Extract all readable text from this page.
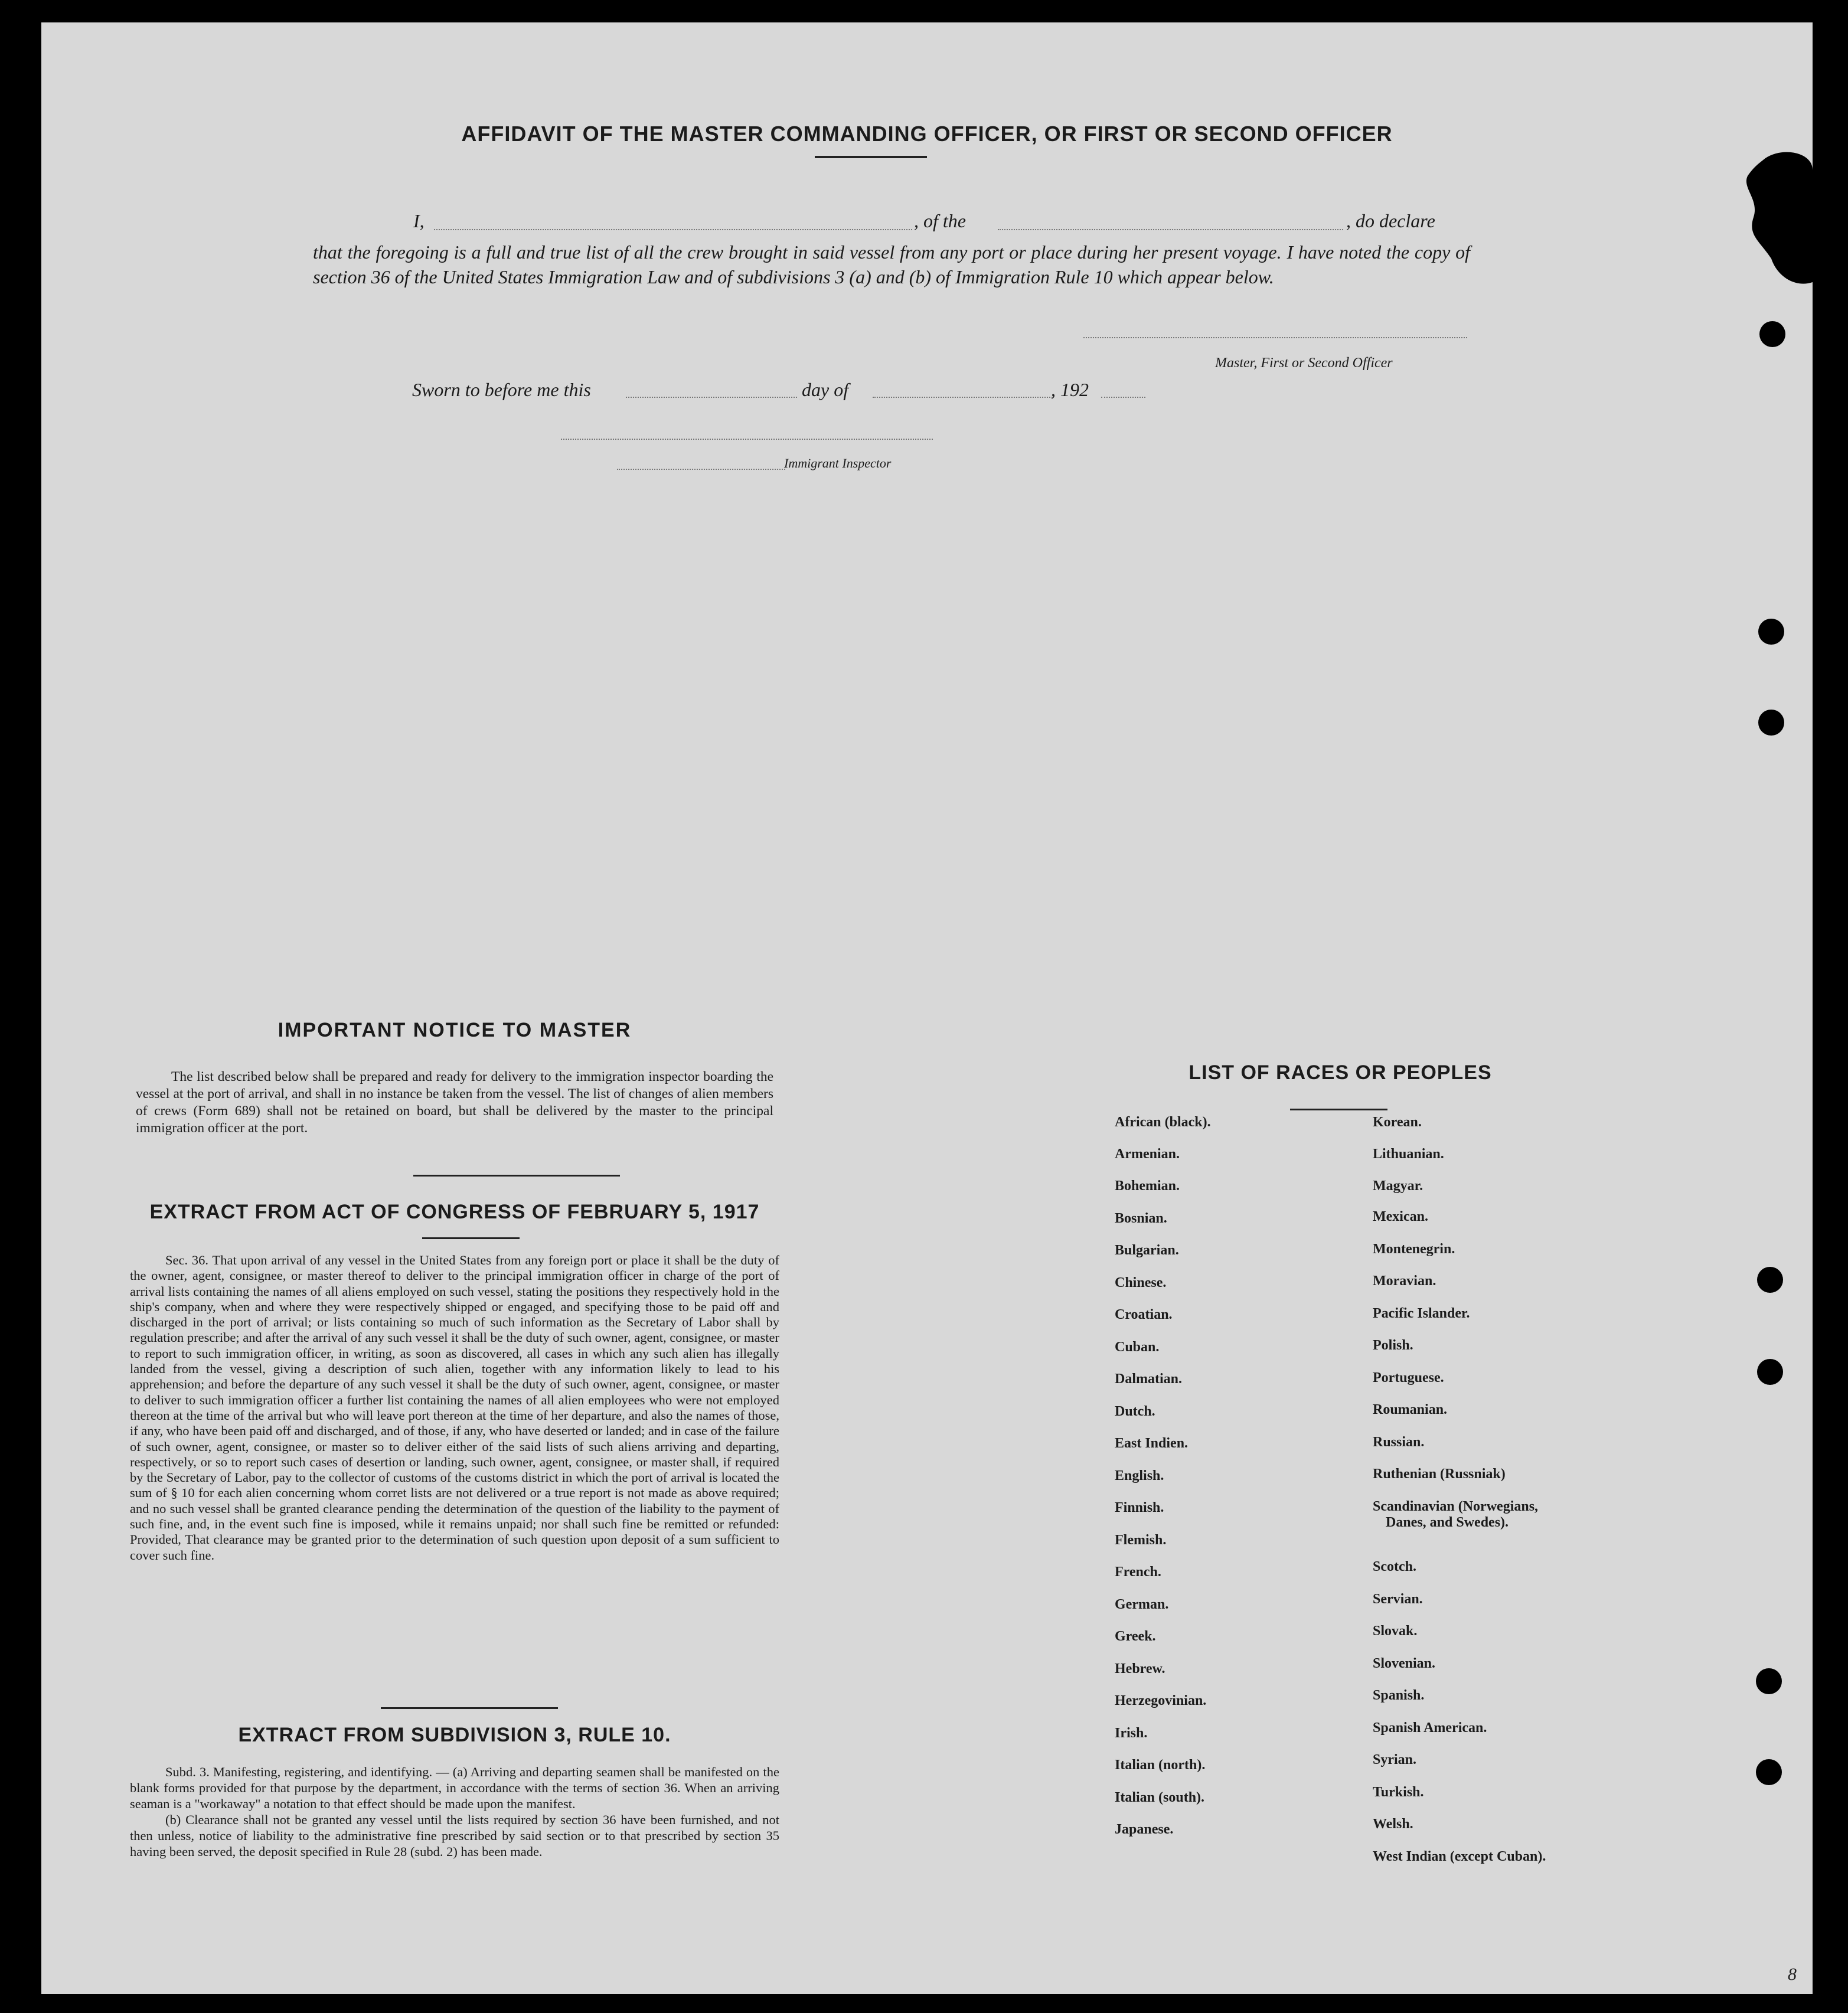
AFFIDAVIT OF THE MASTER COMMANDING OFFICER, OR FIRST OR SECOND OFFICER
I,	, of the	, do declare

that the foregoing is a full and true list of all the crew brought in said vessel from any port or place during her present voyage. I have noted the copy of section 36 of the United States Immigration Law and of subdivisions 3 (a) and (b) of Immigration Rule 10 which appear below.

Master, First or Second Officer
Sworn to before me this	day of	, 192
Immigrant Inspector
IMPORTANT NOTICE TO MASTER
The list described below shall be prepared and ready for delivery to the immigration inspector boarding the vessel at the port of arrival, and shall in no instance be taken from the vessel. The list of changes of alien members of crews (Form 689) shall not be retained on board, but shall be delivered by the master to the principal immigration officer at the port.
EXTRACT FROM ACT OF CONGRESS OF FEBRUARY 5, 1917
Sec. 36. That upon arrival of any vessel in the United States from any foreign port or place it shall be the duty of the owner, agent, consignee, or master thereof to deliver to the principal immigration officer in charge of the port of arrival lists containing the names of all aliens employed on such vessel, stating the positions they respectively hold in the ship's company, when and where they were respectively shipped or engaged, and specifying those to be paid off and discharged in the port of arrival; or lists containing so much of such information as the Secretary of Labor shall by regulation prescribe; and after the arrival of any such vessel it shall be the duty of such owner, agent, consignee, or master to report to such immigration officer, in writing, as soon as discovered, all cases in which any such alien has illegally landed from the vessel, giving a description of such alien, together with any information likely to lead to his apprehension; and before the departure of any such vessel it shall be the duty of such owner, agent, consignee, or master to deliver to such immigration officer a further list containing the names of all alien employees who were not employed thereon at the time of the arrival but who will leave port thereon at the time of her departure, and also the names of those, if any, who have been paid off and discharged, and of those, if any, who have deserted or landed; and in case of the failure of such owner, agent, consignee, or master so to deliver either of the said lists of such aliens arriving and departing, respectively, or so to report such cases of desertion or landing, such owner, agent, consignee, or master shall, if required by the Secretary of Labor, pay to the collector of customs of the customs district in which the port of arrival is located the sum of § 10 for each alien concerning whom corret lists are not delivered or a true report is not made as above required; and no such vessel shall be granted clearance pending the determination of the question of the liability to the payment of such fine, and, in the event such fine is imposed, while it remains unpaid; nor shall such fine be remitted or refunded: Provided, That clearance may be granted prior to the determination of such question upon deposit of a sum sufficient to cover such fine.
EXTRACT FROM SUBDIVISION 3, RULE 10.

Subd. 3. Manifesting, registering, and identifying. — (a) Arriving and departing seamen shall be manifested on the blank forms provided for that purpose by the department, in accordance with the terms of section 36. When an arriving seaman is a "workaway" a notation to that effect should be made upon the manifest.

(b) Clearance shall not be granted any vessel until the lists required by section 36 have been furnished, and not then unless, notice of liability to the administrative fine prescribed by said section or to that prescribed by section 35 having been served, the deposit specified in Rule 28 (subd. 2) has been made.

LIST OF RACES OR PEOPLES
African (black).
Armenian.
Bohemian.
Bosnian.
Bulgarian.
Chinese.
Croatian.
Cuban.
Dalmatian.
Dutch.
East Indien.
English.
Finnish.
Flemish.
French.
German.
Greek.
Hebrew.
Herzegovinian.
Irish.
Italian (north).
Italian (south).
Japanese.
Korean.
Lithuanian.
Magyar.
Mexican.
Montenegrin.
Moravian.
Pacific Islander.
Polish.
Portuguese.
Roumanian.
Russian.
Ruthenian (Russniak)
Scandinavian (Norwegians,
Danes, and Swedes).
Scotch.
Servian.
Slovak.
Slovenian.
Spanish.
Spanish American.
Syrian.
Turkish.
Welsh.
West Indian (except Cuban).
8
